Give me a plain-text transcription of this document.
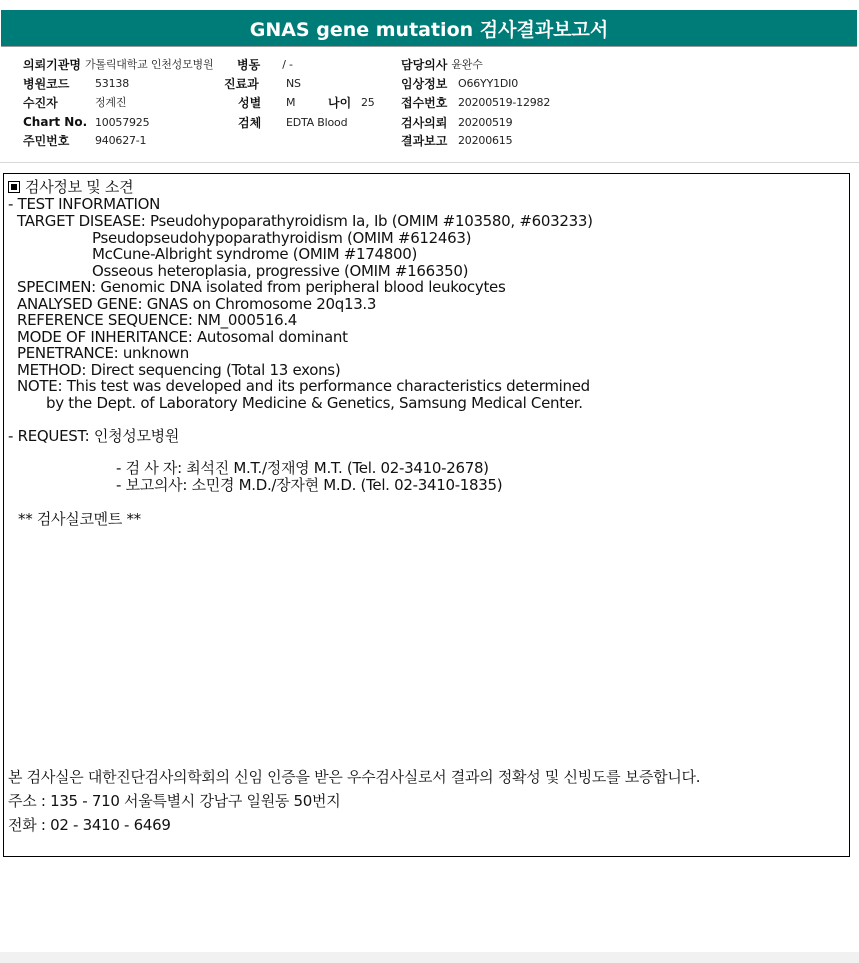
GNAS gene mutation 검사결과보고서
의뢰기관명 가톨릭대학교 인천성모병원 병동 / -	담당의사 윤완수
병원코드	53138	진료과	NS	임상정보 O66YY1DI0
수진자	정계진	성별	M	나이 25 접수번호 20200519-12982
Chart No. 10057925	검체	EDTA Blood	검사의뢰 20200519
주민번호	940627-1	결과보고 20200615
검사정보 및 소견
- TEST INFORMATION
TARGET DISEASE: Pseudohypoparathyroidism Ia, Ib (OMIM #103580, #603233)
Pseudopseudohypoparathyroidism (OMIM #612463)
McCune-Albright syndrome (OMIM #174800)
Osseous heteroplasia, progressive (OMIM #166350)
SPECIMEN: Genomic DNA isolated from peripheral blood leukocytes
ANALYSED GENE: GNAS on Chromosome 20q13.3
REFERENCE SEQUENCE: NM_000516.4
MODE OF INHERITANCE: Autosomal dominant
PENETRANCE: unknown
METHOD: Direct sequencing (Total 13 exons)
NOTE: This test was developed and its performance characteristics determined
by the Dept. of Laboratory Medicine & Genetics, Samsung Medical Center.
- REQUEST: 인청성모병원
- 검 사 자: 최석진 M.T./정재영 M.T. (Tel. 02-3410-2678)
- 보고의사: 소민경 M.D./장자현 M.D. (Tel. 02-3410-1835)
** 검사실코멘트 **
본 검사실은 대한진단검사의학회의 신임 인증을 받은 우수검사실로서 결과의 정확성 및 신빙도를 보증합니다.
주소 : 135 - 710 서울특별시 강남구 일원동 50번지
전화 : 02 - 3410 - 6469
